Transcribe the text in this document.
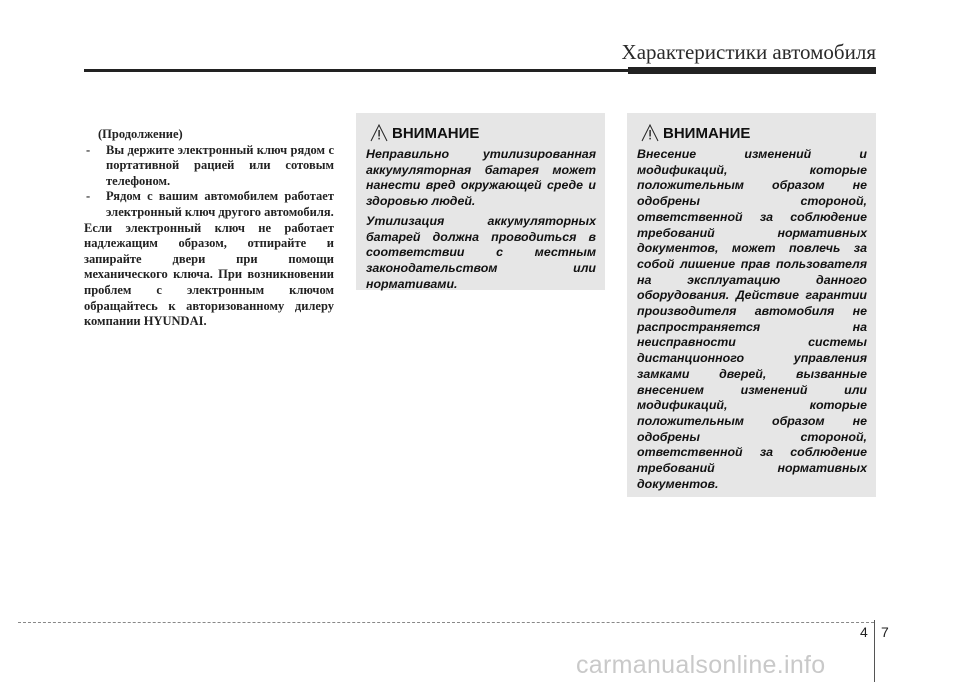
Характеристики автомобиля
(Продолжение)
-	Вы держите электронный ключ рядом с портативной рацией или сотовым телефоном.
-	Рядом с вашим автомобилем работает электронный ключ другого автомобиля.
Если электронный ключ не работает надлежащим образом, отпирайте и запирайте двери при помощи механического ключа. При возникновении проблем с электронным ключом обращайтесь к авторизованному дилеру компании HYUNDAI.
ВНИМАНИЕ

Неправильно утилизированная аккумуляторная батарея может нанести вред окружающей среде и здоровью людей.

Утилизация аккумуляторных батарей должна проводиться в соответствии с местным законодательством или нормативами.

ВНИМАНИЕ

Внесение изменений и модификаций, которые положительным образом не одобрены стороной, ответственной за соблюдение требований нормативных документов, может повлечь за собой лишение прав пользователя на эксплуатацию данного оборудования. Действие гарантии производителя автомобиля не распространяется на неисправности системы дистанционного управления замками дверей, вызванные внесением изменений или модификаций, которые положительным образом не одобрены стороной, ответственной за соблюдение требований нормативных документов.

4 7
carmanualsonline.info
